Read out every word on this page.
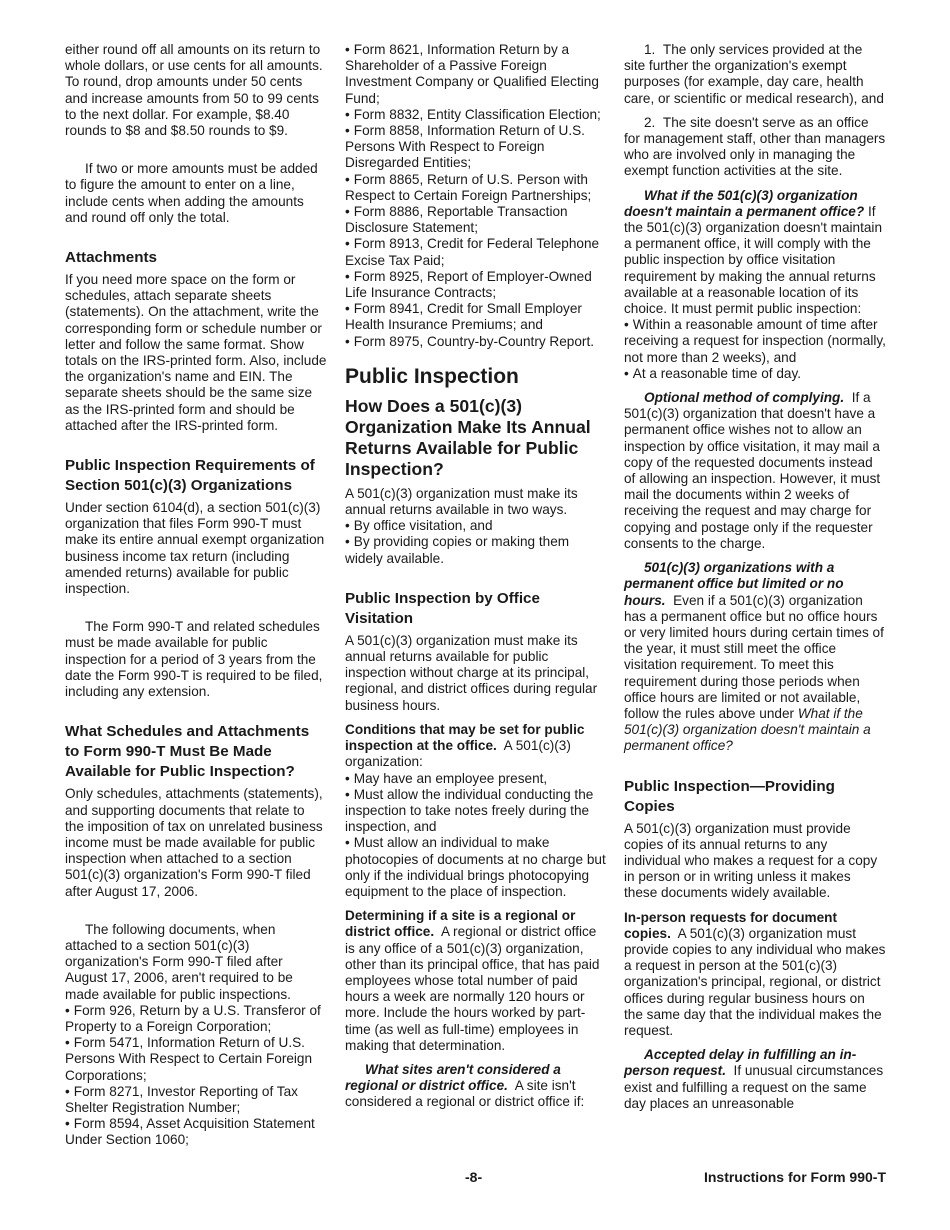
either round off all amounts on its return to whole dollars, or use cents for all amounts. To round, drop amounts under 50 cents and increase amounts from 50 to 99 cents to the next dollar. For example, $8.40 rounds to $8 and $8.50 rounds to $9.

If two or more amounts must be added to figure the amount to enter on a line, include cents when adding the amounts and round off only the total.

Attachments

If you need more space on the form or schedules, attach separate sheets (statements). On the attachment, write the corresponding form or schedule number or letter and follow the same format. Show totals on the IRS-printed form. Also, include the organization's name and EIN. The separate sheets should be the same size as the IRS-printed form and should be attached after the IRS-printed form.

Public Inspection Requirements of Section 501(c)(3) Organizations

Under section 6104(d), a section 501(c)(3) organization that files Form 990-T must make its entire annual exempt organization business income tax return (including amended returns) available for public inspection.

The Form 990-T and related schedules must be made available for public inspection for a period of 3 years from the date the Form 990-T is required to be filed, including any extension.

What Schedules and Attachments to Form 990-T Must Be Made Available for Public Inspection?

Only schedules, attachments (statements), and supporting documents that relate to the imposition of tax on unrelated business income must be made available for public inspection when attached to a section 501(c)(3) organization's Form 990-T filed after August 17, 2006.

The following documents, when attached to a section 501(c)(3) organization's Form 990-T filed after August 17, 2006, aren't required to be made available for public inspections.

• Form 926, Return by a U.S. Transferor of Property to a Foreign Corporation;
• Form 5471, Information Return of U.S. Persons With Respect to Certain Foreign Corporations;
• Form 8271, Investor Reporting of Tax Shelter Registration Number;
• Form 8594, Asset Acquisition Statement Under Section 1060;
• Form 8621, Information Return by a Shareholder of a Passive Foreign Investment Company or Qualified Electing Fund;
• Form 8832, Entity Classification Election;
• Form 8858, Information Return of U.S. Persons With Respect to Foreign Disregarded Entities;
• Form 8865, Return of U.S. Person with Respect to Certain Foreign Partnerships;
• Form 8886, Reportable Transaction Disclosure Statement;
• Form 8913, Credit for Federal Telephone Excise Tax Paid;
• Form 8925, Report of Employer-Owned Life Insurance Contracts;
• Form 8941, Credit for Small Employer Health Insurance Premiums; and
• Form 8975, Country-by-Country Report.
Public Inspection
How Does a 501(c)(3) Organization Make Its Annual Returns Available for Public Inspection?

A 501(c)(3) organization must make its annual returns available in two ways.

• By office visitation, and
• By providing copies or making them widely available.
Public Inspection by Office Visitation

A 501(c)(3) organization must make its annual returns available for public inspection without charge at its principal, regional, and district offices during regular business hours.

Conditions that may be set for public inspection at the office. A 501(c)(3) organization:

• May have an employee present,
• Must allow the individual conducting the inspection to take notes freely during the inspection, and
• Must allow an individual to make photocopies of documents at no charge but only if the individual brings photocopying equipment to the place of inspection.

Determining if a site is a regional or district office. A regional or district office is any office of a 501(c)(3) organization, other than its principal office, that has paid employees whose total number of paid hours a week are normally 120 hours or more. Include the hours worked by part-time (as well as full-time) employees in making that determination.

What sites aren't considered a regional or district office. A site isn't considered a regional or district office if:

1.  The only services provided at the site further the organization's exempt purposes (for example, day care, health care, or scientific or medical research), and

2.  The site doesn't serve as an office for management staff, other than managers who are involved only in managing the exempt function activities at the site.

What if the 501(c)(3) organization doesn't maintain a permanent office? If the 501(c)(3) organization doesn't maintain a permanent office, it will comply with the public inspection by office visitation requirement by making the annual returns available at a reasonable location of its choice. It must permit public inspection:

• Within a reasonable amount of time after receiving a request for inspection (normally, not more than 2 weeks), and
• At a reasonable time of day.

Optional method of complying. If a 501(c)(3) organization that doesn't have a permanent office wishes not to allow an inspection by office visitation, it may mail a copy of the requested documents instead of allowing an inspection. However, it must mail the documents within 2 weeks of receiving the request and may charge for copying and postage only if the requester consents to the charge.

501(c)(3) organizations with a permanent office but limited or no hours. Even if a 501(c)(3) organization has a permanent office but no office hours or very limited hours during certain times of the year, it must still meet the office visitation requirement. To meet this requirement during those periods when office hours are limited or not available, follow the rules above under What if the 501(c)(3) organization doesn't maintain a permanent office?

Public Inspection—Providing Copies

A 501(c)(3) organization must provide copies of its annual returns to any individual who makes a request for a copy in person or in writing unless it makes these documents widely available.

In-person requests for document copies. A 501(c)(3) organization must provide copies to any individual who makes a request in person at the 501(c)(3) organization's principal, regional, or district offices during regular business hours on the same day that the individual makes the request.

Accepted delay in fulfilling an in-person request. If unusual circumstances exist and fulfilling a request on the same day places an unreasonable

-8-	Instructions for Form 990-T
